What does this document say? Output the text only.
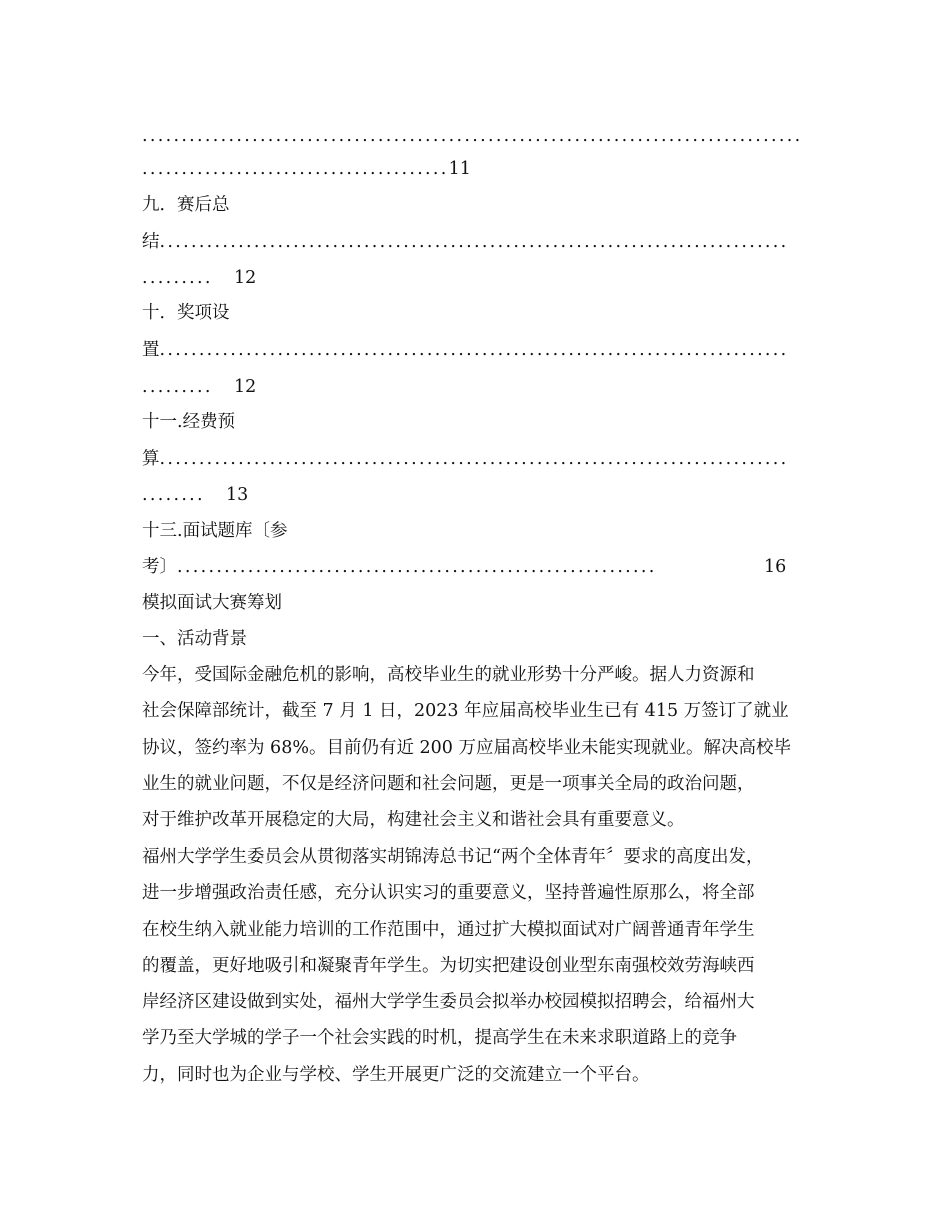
....................................................................................
.......................................11
九．赛后总
结................................................................................
......... 12
十．奖项设
置................................................................................
......... 12
十一.经费预
算................................................................................
........ 13
十三.面试题库〔参
考〕.............................................................	16
模拟面试大赛筹划
一、活动背景

今年，受国际金融危机的影响，高校毕业生的就业形势十分严峻。据人力资源和
社会保障部统计，截至 7 月 1 日，2023 年应届高校毕业生已有 415 万签订了就业
协议，签约率为 68%。目前仍有近 200 万应届高校毕业未能实现就业。解决高校毕
业生的就业问题，不仅是经济问题和社会问题，更是一项事关全局的政治问题，
对于维护改革开展稳定的大局，构建社会主义和谐社会具有重要意义。

福州大学学生委员会从贯彻落实胡锦涛总书记“两个全体青年〞要求的高度出发，
进一步增强政治责任感，充分认识实习的重要意义，坚持普遍性原那么，将全部
在校生纳入就业能力培训的工作范围中，通过扩大模拟面试对广阔普通青年学生
的覆盖，更好地吸引和凝聚青年学生。为切实把建设创业型东南强校效劳海峡西
岸经济区建设做到实处，福州大学学生委员会拟举办校园模拟招聘会，给福州大
学乃至大学城的学子一个社会实践的时机，提高学生在未来求职道路上的竞争
力，同时也为企业与学校、学生开展更广泛的交流建立一个平台。
